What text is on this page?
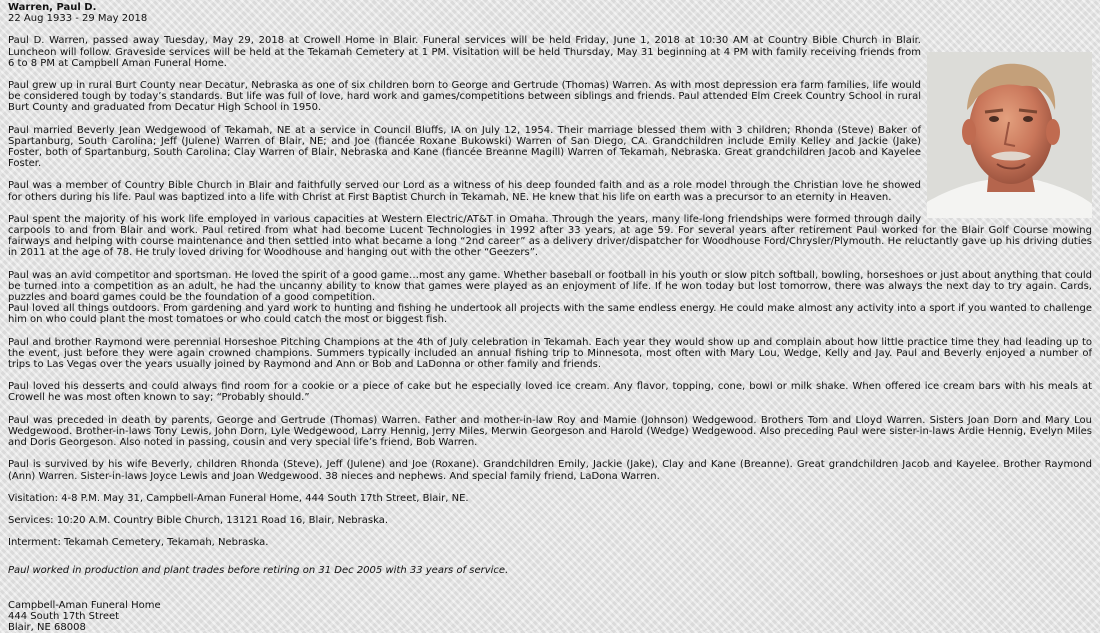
Warren, Paul D.
22 Aug 1933 - 29 May 2018

Paul D. Warren, passed away Tuesday, May 29, 2018 at Crowell Home in Blair. Funeral services will be held Friday, June 1, 2018 at 10:30 AM at Country Bible Church in Blair. Luncheon will follow. Graveside services will be held at the Tekamah Cemetery at 1 PM. Visitation will be held Thursday, May 31 beginning at 4 PM with family receiving friends from 6 to 8 PM at Campbell Aman Funeral Home.

Paul grew up in rural Burt County near Decatur, Nebraska as one of six children born to George and Gertrude (Thomas) Warren. As with most depression era farm families, life would be considered tough by today’s standards. But life was full of love, hard work and games/competitions between siblings and friends. Paul attended Elm Creek Country School in rural Burt County and graduated from Decatur High School in 1950.

Paul married Beverly Jean Wedgewood of Tekamah, NE at a service in Council Bluffs, IA on July 12, 1954. Their marriage blessed them with 3 children; Rhonda (Steve) Baker of Spartanburg, South Carolina; Jeff (Julene) Warren of Blair, NE; and Joe (fiancée Roxane Bukowski) Warren of San Diego, CA. Grandchildren include Emily Kelley and Jackie (Jake) Foster, both of Spartanburg, South Carolina; Clay Warren of Blair, Nebraska and Kane (fiancée Breanne Magill) Warren of Tekamah, Nebraska. Great grandchildren Jacob and Kayelee Foster.

Paul was a member of Country Bible Church in Blair and faithfully served our Lord as a witness of his deep founded faith and as a role model through the Christian love he showed for others during his life. Paul was baptized into a life with Christ at First Baptist Church in Tekamah, NE. He knew that his life on earth was a precursor to an eternity in Heaven.

Paul spent the majority of his work life employed in various capacities at Western Electric/AT&T in Omaha. Through the years, many life-long friendships were formed through daily carpools to and from Blair and work. Paul retired from what had become Lucent Technologies in 1992 after 33 years, at age 59. For several years after retirement Paul worked for the Blair Golf Course mowing fairways and helping with course maintenance and then settled into what became a long “2nd career” as a delivery driver/dispatcher for Woodhouse Ford/Chrysler/Plymouth. He reluctantly gave up his driving duties in 2011 at the age of 78. He truly loved driving for Woodhouse and hanging out with the other “Geezers”.

Paul was an avid competitor and sportsman. He loved the spirit of a good game…most any game. Whether baseball or football in his youth or slow pitch softball, bowling, horseshoes or just about anything that could be turned into a competition as an adult, he had the uncanny ability to know that games were played as an enjoyment of life. If he won today but lost tomorrow, there was always the next day to try again. Cards, puzzles and board games could be the foundation of a good competition.

Paul loved all things outdoors. From gardening and yard work to hunting and fishing he undertook all projects with the same endless energy. He could make almost any activity into a sport if you wanted to challenge him on who could plant the most tomatoes or who could catch the most or biggest fish.

Paul and brother Raymond were perennial Horseshoe Pitching Champions at the 4th of July celebration in Tekamah. Each year they would show up and complain about how little practice time they had leading up to the event, just before they were again crowned champions. Summers typically included an annual fishing trip to Minnesota, most often with Mary Lou, Wedge, Kelly and Jay. Paul and Beverly enjoyed a number of trips to Las Vegas over the years usually joined by Raymond and Ann or Bob and LaDonna or other family and friends.

Paul loved his desserts and could always find room for a cookie or a piece of cake but he especially loved ice cream. Any flavor, topping, cone, bowl or milk shake. When offered ice cream bars with his meals at Crowell he was most often known to say; “Probably should.”

Paul was preceded in death by parents, George and Gertrude (Thomas) Warren. Father and mother-in-law Roy and Mamie (Johnson) Wedgewood. Brothers Tom and Lloyd Warren. Sisters Joan Dorn and Mary Lou Wedgewood. Brother-in-laws Tony Lewis, John Dorn, Lyle Wedgewood, Larry Hennig, Jerry Miles, Merwin Georgeson and Harold (Wedge) Wedgewood. Also preceding Paul were sister-in-laws Ardie Hennig, Evelyn Miles and Doris Georgeson. Also noted in passing, cousin and very special life’s friend, Bob Warren.

Paul is survived by his wife Beverly, children Rhonda (Steve), Jeff (Julene) and Joe (Roxane). Grandchildren Emily, Jackie (Jake), Clay and Kane (Breanne). Great grandchildren Jacob and Kayelee. Brother Raymond (Ann) Warren. Sister-in-laws Joyce Lewis and Joan Wedgewood. 38 nieces and nephews. And special family friend, LaDona Warren.

Visitation: 4-8 P.M. May 31, Campbell-Aman Funeral Home, 444 South 17th Street, Blair, NE.

Services: 10:20 A.M. Country Bible Church, 13121 Road 16, Blair, Nebraska.

Interment: Tekamah Cemetery, Tekamah, Nebraska.

Paul worked in production and plant trades before retiring on 31 Dec 2005 with 33 years of service.

Campbell-Aman Funeral Home
444 South 17th Street
Blair, NE 68008
